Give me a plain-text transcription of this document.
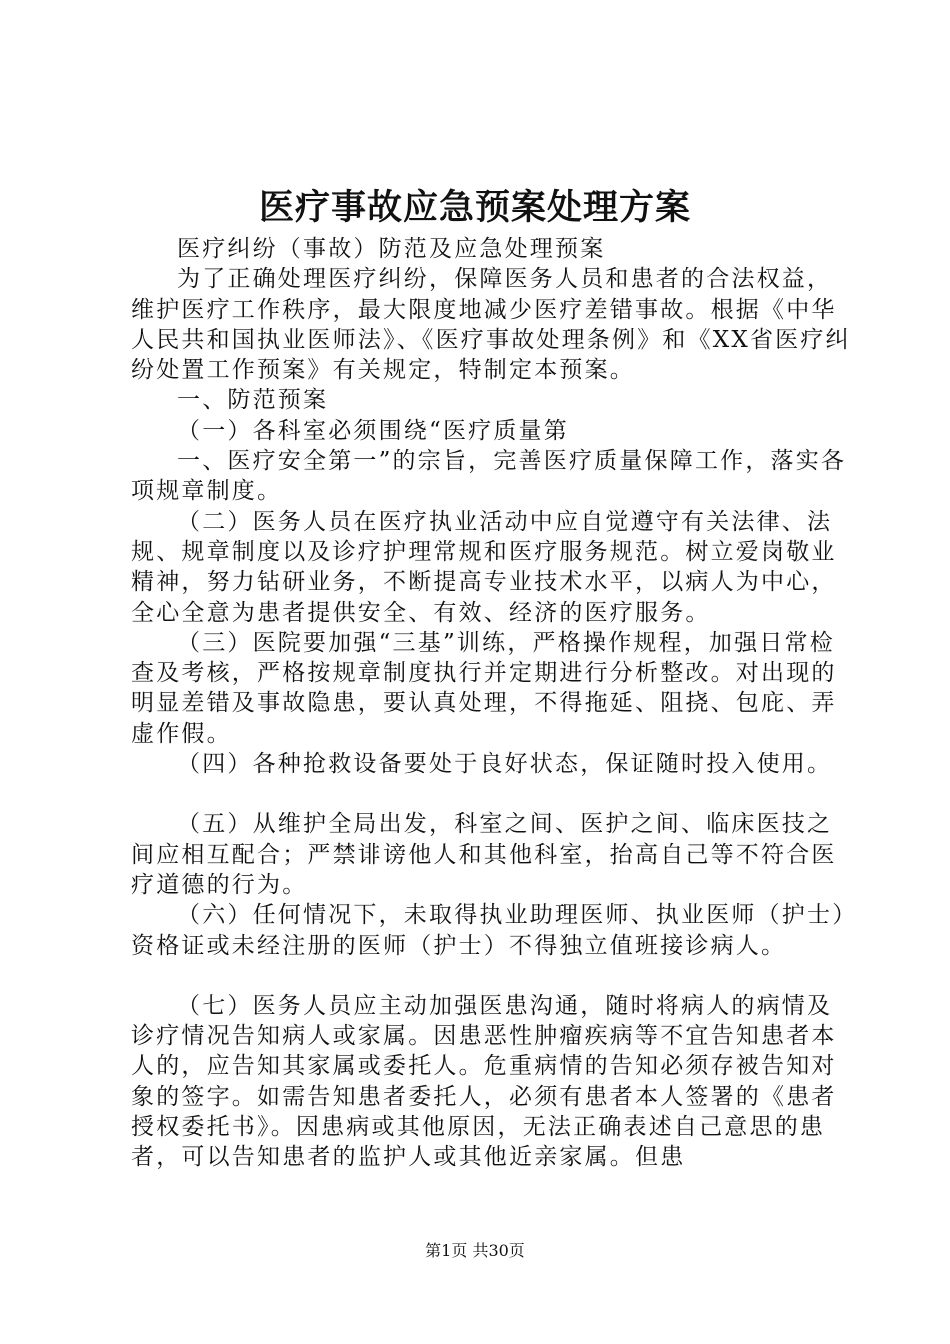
医疗事故应急预案处理方案

医疗纠纷（事故）防范及应急处理预案

为了正确处理医疗纠纷，保障医务人员和患者的合法权益，维护医疗工作秩序，最大限度地减少医疗差错事故。根据《中华人民共和国执业医师法》、《医疗事故处理条例》和《XX省医疗纠纷处置工作预案》有关规定，特制定本预案。

一、防范预案

（一）各科室必须围绕“医疗质量第

一、医疗安全第一”的宗旨，完善医疗质量保障工作，落实各项规章制度。

（二）医务人员在医疗执业活动中应自觉遵守有关法律、法规、规章制度以及诊疗护理常规和医疗服务规范。树立爱岗敬业精神，努力钻研业务，不断提高专业技术水平，以病人为中心，全心全意为患者提供安全、有效、经济的医疗服务。

（三）医院要加强“三基”训练，严格操作规程，加强日常检查及考核，严格按规章制度执行并定期进行分析整改。对出现的明显差错及事故隐患，要认真处理，不得拖延、阻挠、包庇、弄虚作假。

（四）各种抢救设备要处于良好状态，保证随时投入使用。

（五）从维护全局出发，科室之间、医护之间、临床医技之间应相互配合；严禁诽谤他人和其他科室，抬高自己等不符合医疗道德的行为。

（六）任何情况下，未取得执业助理医师、执业医师（护士）资格证或未经注册的医师（护士）不得独立值班接诊病人。

（七）医务人员应主动加强医患沟通，随时将病人的病情及诊疗情况告知病人或家属。因患恶性肿瘤疾病等不宜告知患者本人的，应告知其家属或委托人。危重病情的告知必须存被告知对象的签字。如需告知患者委托人，必须有患者本人签署的《患者授权委托书》。因患病或其他原因，无法正确表述自己意思的患者，可以告知患者的监护人或其他近亲家属。但患

第1页 共30页
